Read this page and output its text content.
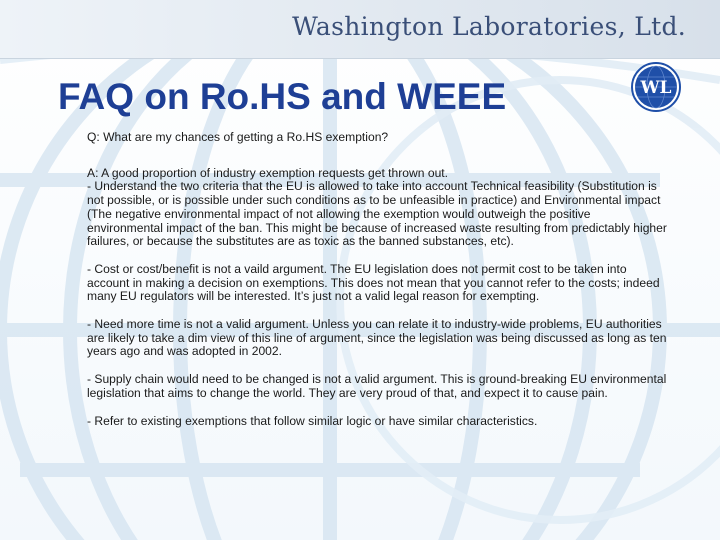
Washington Laboratories, Ltd.
FAQ on Ro.HS and WEEE	WL

Q: What are my chances of getting a Ro.HS exemption?

A: A good proportion of industry exemption requests get thrown out.

- Understand the two criteria that the EU is allowed to take into account Technical feasibility (Substitution is not possible, or is possible under such conditions as to be unfeasible in practice) and Environmental impact (The negative environmental impact of not allowing the exemption would outweigh the positive environmental impact of the ban. This might be because of increased waste resulting from predictably higher failures, or because the substitutes are as toxic as the banned substances, etc).

- Cost or cost/benefit is not a vaild argument. The EU legislation does not permit cost to be taken into account in making a decision on exemptions. This does not mean that you cannot refer to the costs; indeed many EU regulators will be interested. It’s just not a valid legal reason for exempting.

- Need more time is not a valid argument. Unless you can relate it to industry-wide problems, EU authorities are likely to take a dim view of this line of argument, since the legislation was being discussed as long as ten years ago and was adopted in 2002.

- Supply chain would need to be changed is not a valid argument. This is ground-breaking EU environmental legislation that aims to change the world. They are very proud of that, and expect it to cause pain.

- Refer to existing exemptions that follow similar logic or have similar characteristics.
